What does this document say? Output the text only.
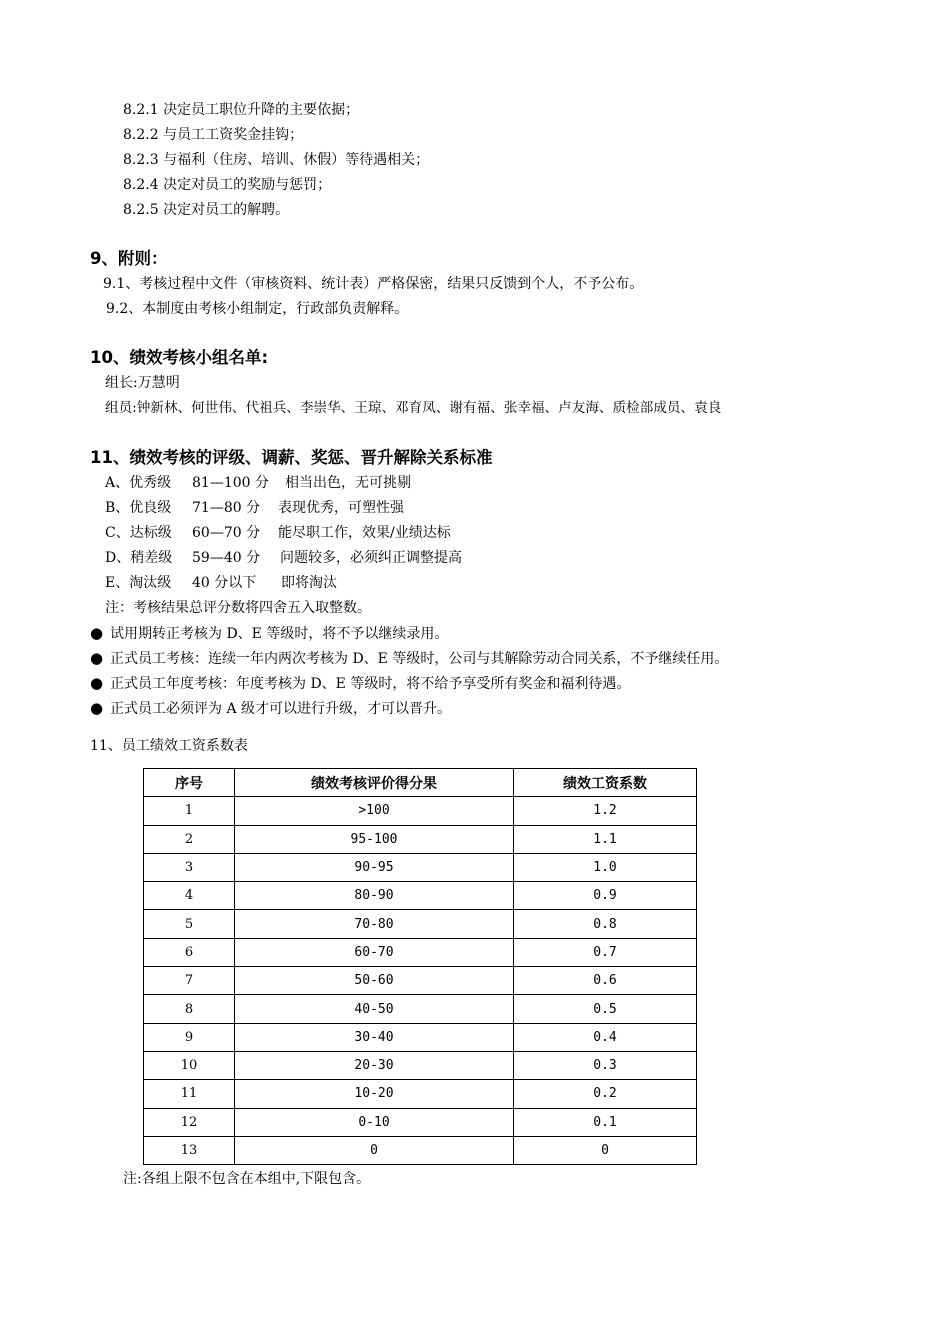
8.2.1 决定员工职位升降的主要依据；
8.2.2 与员工工资奖金挂钩；
8.2.3 与福利（住房、培训、休假）等待遇相关；
8.2.4 决定对员工的奖励与惩罚；
8.2.5 决定对员工的解聘。
9、附则：
9.1、考核过程中文件（审核资料、统计表）严格保密，结果只反馈到个人，不予公布。
9.2、本制度由考核小组制定，行政部负责解释。
10、绩效考核小组名单:
组长:万慧明
组员:钟新林、何世伟、代祖兵、李崇华、王琼、邓育凤、谢有福、张幸福、卢友海、质检部成员、袁良
11、绩效考核的评级、调薪、奖惩、晋升解除关系标准
A、优秀级 81—100 分 相当出色，无可挑剔
B、优良级 71—80 分 表现优秀，可塑性强
C、达标级 60—70 分 能尽职工作，效果/业绩达标
D、稍差级 59—40 分 问题较多，必须纠正调整提高
E、淘汰级 40 分以下 即将淘汰
注：考核结果总评分数将四舍五入取整数。
● 试用期转正考核为 D、E 等级时，将不予以继续录用。
● 正式员工考核：连续一年内两次考核为 D、E 等级时，公司与其解除劳动合同关系，不予继续任用。
● 正式员工年度考核：年度考核为 D、E 等级时，将不给予享受所有奖金和福利待遇。
● 正式员工必须评为 A 级才可以进行升级，才可以晋升。
11、员工绩效工资系数表
序号	绩效考核评价得分果	绩效工资系数
1	>100	1.2
2	95-100	1.1
3	90-95	1.0
4	80-90	0.9
5	70-80	0.8
6	60-70	0.7
7	50-60	0.6
8	40-50	0.5
9	30-40	0.4
10	20-30	0.3
11	10-20	0.2
12	0-10	0.1
13	0	0
注:各组上限不包含在本组中,下限包含。
